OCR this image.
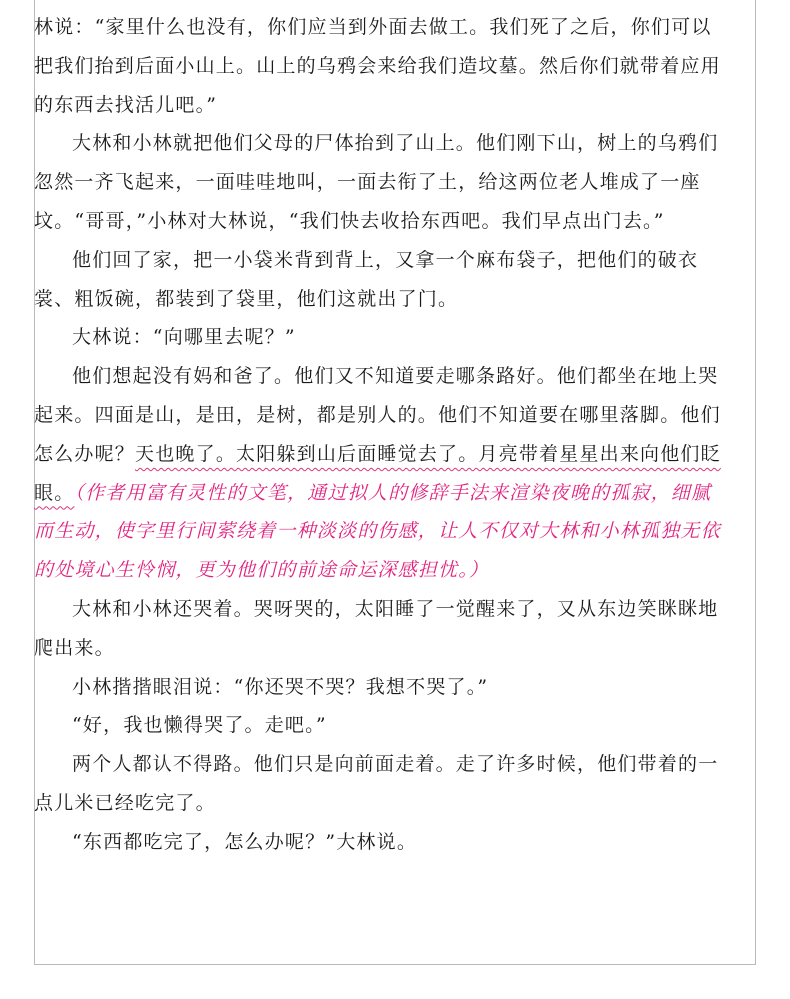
林说：“家里什么也没有，你们应当到外面去做工。我们死了之后，你们可以把我们抬到后面小山上。山上的乌鸦会来给我们造坟墓。然后你们就带着应用的东西去找活儿吧。”

大林和小林就把他们父母的尸体抬到了山上。他们刚下山，树上的乌鸦们忽然一齐飞起来，一面哇哇地叫，一面去衔了土，给这两位老人堆成了一座坟。“哥哥，”小林对大林说，“我们快去收拾东西吧。我们早点出门去。”

他们回了家，把一小袋米背到背上，又拿一个麻布袋子，把他们的破衣裳、粗饭碗，都装到了袋里，他们这就出了门。

大林说：“向哪里去呢？”

他们想起没有妈和爸了。他们又不知道要走哪条路好。他们都坐在地上哭起来。四面是山，是田，是树，都是别人的。他们不知道要在哪里落脚。他们怎么办呢？天也晚了。太阳躲到山后面睡觉去了。月亮带着星星出来向他们眨眼。（作者用富有灵性的文笔，通过拟人的修辞手法来渲染夜晚的孤寂，细腻而生动，使字里行间萦绕着一种淡淡的伤感，让人不仅对大林和小林孤独无依的处境心生怜悯，更为他们的前途命运深感担忧。）

大林和小林还哭着。哭呀哭的，太阳睡了一觉醒来了，又从东边笑眯眯地爬出来。

小林揩揩眼泪说：“你还哭不哭？我想不哭了。”

“好，我也懒得哭了。走吧。”

两个人都认不得路。他们只是向前面走着。走了许多时候，他们带着的一点儿米已经吃完了。

“东西都吃完了，怎么办呢？”大林说。
